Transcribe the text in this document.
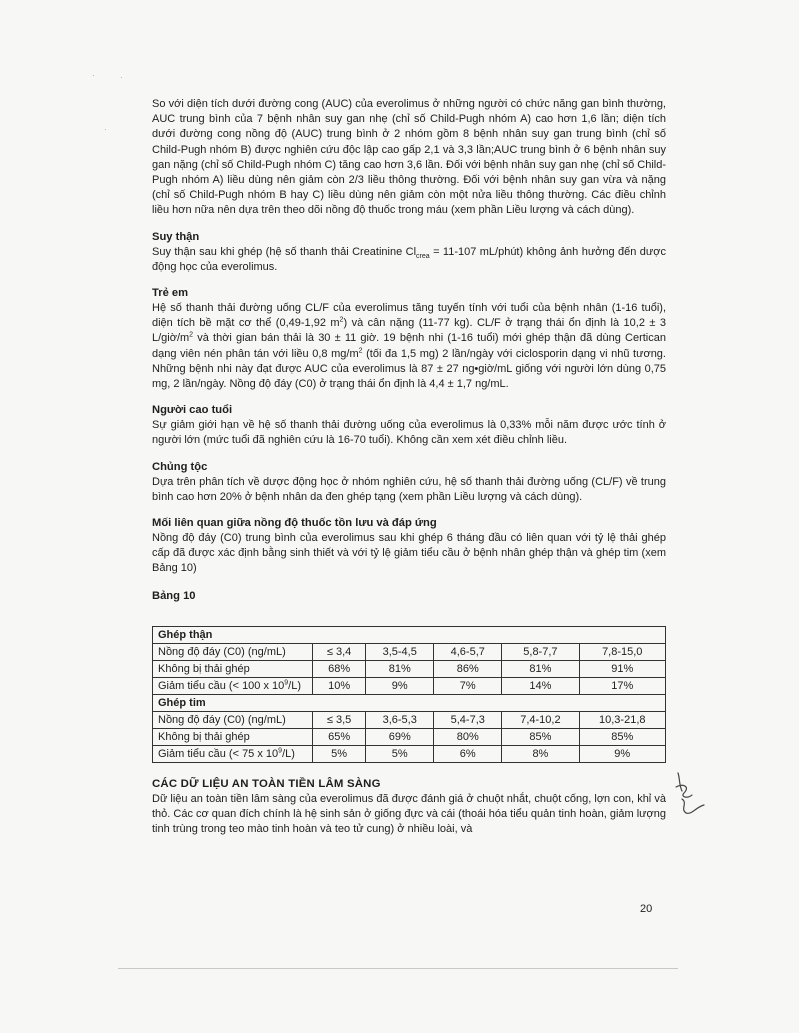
·	·
·

So với diện tích dưới đường cong (AUC) của everolimus ở những người có chức năng gan bình thường, AUC trung bình của 7 bệnh nhân suy gan nhẹ (chỉ số Child-Pugh nhóm A) cao hơn 1,6 lần; diện tích dưới đường cong nồng độ (AUC) trung bình ở 2 nhóm gồm 8 bệnh nhân suy gan trung bình (chỉ số Child-Pugh nhóm B) được nghiên cứu độc lập cao gấp 2,1 và 3,3 lần;AUC trung bình ở 6 bệnh nhân suy gan nặng (chỉ số Child-Pugh nhóm C) tăng cao hơn 3,6 lần. Đối với bệnh nhân suy gan nhẹ (chỉ số Child-Pugh nhóm A) liều dùng nên giảm còn 2/3 liều thông thường. Đối với bệnh nhân suy gan vừa và nặng (chỉ số Child-Pugh nhóm B hay C) liều dùng nên giảm còn một nửa liều thông thường. Các điều chỉnh liều hơn nữa nên dựa trên theo dõi nồng độ thuốc trong máu (xem phần Liều lượng và cách dùng).

Suy thận

Suy thận sau khi ghép (hệ số thanh thải Creatinine $Cl_{crea} = 11-107$ mL/phút) không ảnh hưởng đến dược động học của everolimus.

Trẻ em

Hệ số thanh thải đường uống CL/F của everolimus tăng tuyến tính với tuổi của bệnh nhân (1-16 tuổi), diện tích bề mặt cơ thể (0,49-1,92 $m^2$) và cân nặng (11-77 kg). CL/F ở trạng thái ổn định là 10,2 ± 3 $L/giờ/m^2$ và thời gian bán thải là 30 ± 11 giờ. 19 bệnh nhi (1-16 tuổi) mới ghép thận đã dùng Certican dạng viên nén phân tán với liều 0,8 $mg/m^2$ (tối đa 1,5 mg) 2 lần/ngày với ciclosporin dạng vi nhũ tương. Những bệnh nhi này đạt được AUC của everolimus là 87 ± 27 ng•giờ/mL giống với người lớn dùng 0,75 mg, 2 lần/ngày. Nồng độ đáy (C0) ở trạng thái ổn định là 4,4 ± 1,7 ng/mL.

Người cao tuổi

Sự giảm giới hạn về hệ số thanh thải đường uống của everolimus là 0,33% mỗi năm được ước tính ở người lớn (mức tuổi đã nghiên cứu là 16-70 tuổi). Không cần xem xét điều chỉnh liều.

Chủng tộc

Dựa trên phân tích về dược động học ở nhóm nghiên cứu, hệ số thanh thải đường uống (CL/F) về trung bình cao hơn 20% ở bệnh nhân da đen ghép tạng (xem phần Liều lượng và cách dùng).

Mối liên quan giữa nồng độ thuốc tồn lưu và đáp ứng

Nồng độ đáy (C0) trung bình của everolimus sau khi ghép 6 tháng đầu có liên quan với tỷ lệ thải ghép cấp đã được xác định bằng sinh thiết và với tỷ lệ giảm tiểu cầu ở bệnh nhân ghép thận và ghép tim (xem Bảng 10)

Bảng 10
Ghép thận					
Nồng độ đáy (C0) (ng/mL)	≤ 3,4	3,5-4,5	4,6-5,7	5,8-7,7	7,8-15,0
Không bị thải ghép	68%	81%	86%	81%	91%
Giảm tiểu cầu (< 100 x $10^9/L$)	10%	9%	7%	14%	17%
Ghép tim					
Nồng độ đáy (C0) (ng/mL)	≤ 3,5	3,6-5,3	5,4-7,3	7,4-10,2	10,3-21,8
Không bị thải ghép	65%	69%	80%	85%	85%
Giảm tiểu cầu (< 75 x $10^9/L$)	5%	5%	6%	8%	9%
CÁC DỮ LIỆU AN TOÀN TIỀN LÂM SÀNG

Dữ liệu an toàn tiền lâm sàng của everolimus đã được đánh giá ở chuột nhắt, chuột cống, lợn con, khỉ và thỏ. Các cơ quan đích chính là hệ sinh sản ở giống đực và cái (thoái hóa tiểu quản tinh hoàn, giảm lượng tinh trùng trong teo mào tinh hoàn và teo tử cung) ở nhiều loài, và

20
